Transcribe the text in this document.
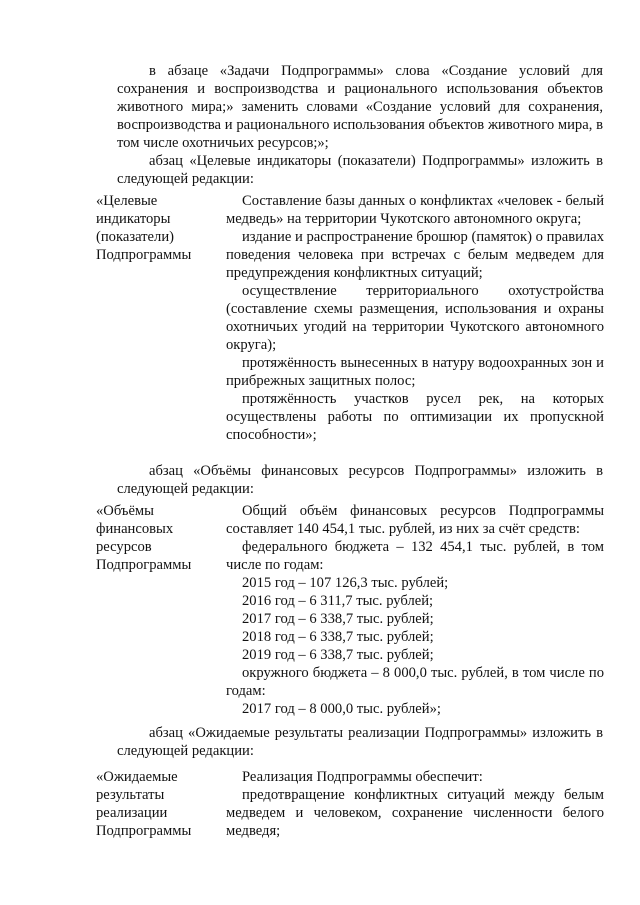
в абзаце «Задачи Подпрограммы» слова «Создание условий для сохранения и воспроизводства и рационального использования объектов животного мира;» заменить словами «Создание условий для сохранения, воспроизводства и рационального использования объектов животного мира, в том числе охотничьих ресурсов;»;

абзац «Целевые индикаторы (показатели) Подпрограммы» изложить в следующей редакции:

«Целевые
индикаторы
(показатели)
Подпрограммы

Составление базы данных о конфликтах «человек - белый медведь» на территории Чукотского автономного округа;

издание и распространение брошюр (памяток) о правилах поведения человека при встречах с белым медведем для предупреждения конфликтных ситуаций;

осуществление территориального охотустройства (составление схемы размещения, использования и охраны охотничьих угодий на территории Чукотского автономного округа);

протяжённость вынесенных в натуру водоохранных зон и прибрежных защитных полос;

протяжённость участков русел рек, на которых осуществлены работы по оптимизации их пропускной способности»;

абзац «Объёмы финансовых ресурсов Подпрограммы» изложить в следующей редакции:

«Объёмы
финансовых
ресурсов
Подпрограммы

Общий объём финансовых ресурсов Подпрограммы составляет 140 454,1 тыс. рублей, из них за счёт средств:

федерального бюджета – 132 454,1 тыс. рублей, в том числе по годам:

2015 год – 107 126,3 тыс. рублей;

2016 год – 6 311,7 тыс. рублей;

2017 год – 6 338,7 тыс. рублей;

2018 год – 6 338,7 тыс. рублей;

2019 год – 6 338,7 тыс. рублей;

окружного бюджета – 8 000,0 тыс. рублей, в том числе по годам:

2017 год – 8 000,0 тыс. рублей»;

абзац «Ожидаемые результаты реализации Подпрограммы» изложить в следующей редакции:

«Ожидаемые
результаты
реализации
Подпрограммы

Реализация Подпрограммы обеспечит:

предотвращение конфликтных ситуаций между белым медведем и человеком, сохранение численности белого медведя;
